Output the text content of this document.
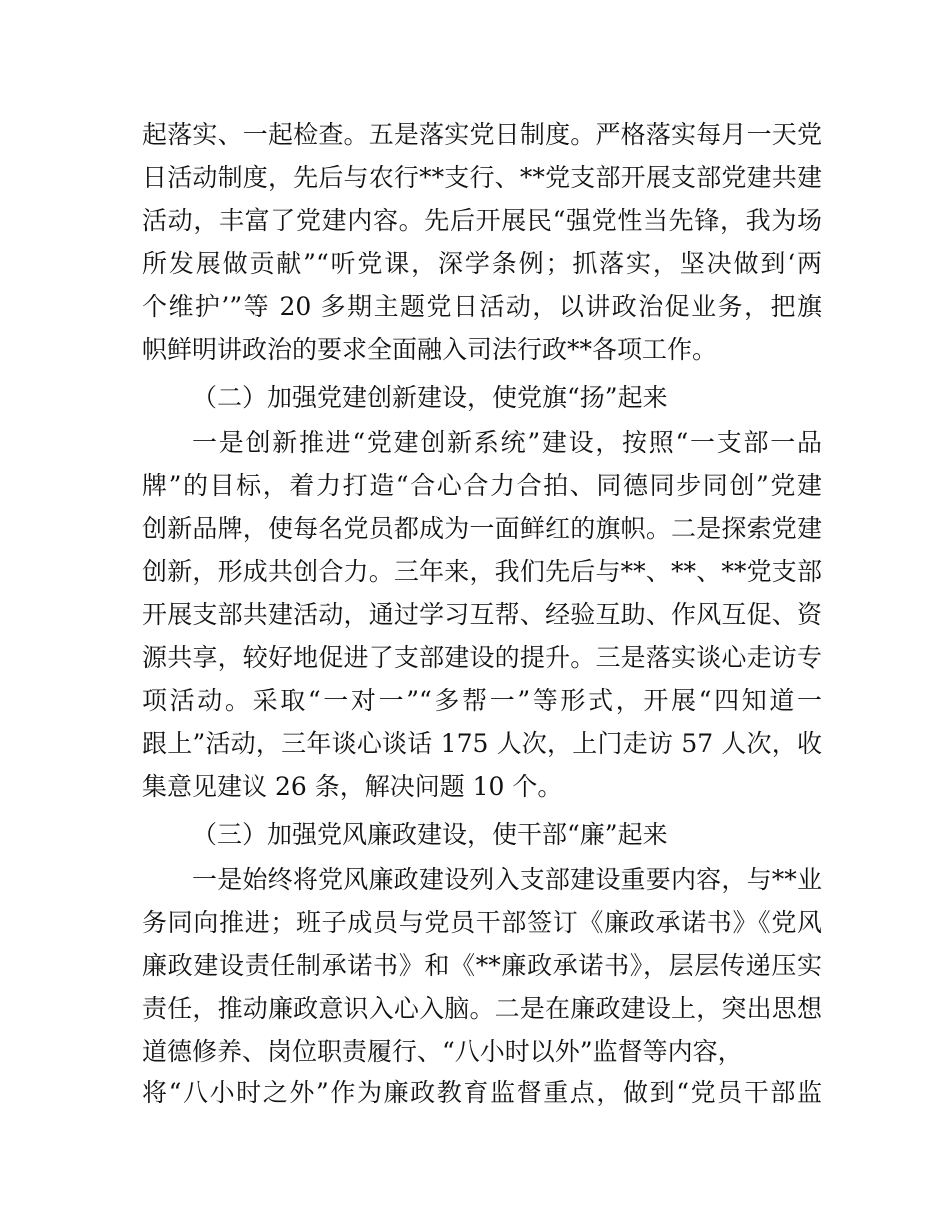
起落实、一起检查。五是落实党日制度。严格落实每月一天党
日活动制度，先后与农行**支行、**党支部开展支部党建共建
活动，丰富了党建内容。先后开展民“强党性当先锋，我为场
所发展做贡献”“听党课，深学条例；抓落实，坚决做到‘两
个维护’”等 20 多期主题党日活动，以讲政治促业务，把旗
帜鲜明讲政治的要求全面融入司法行政**各项工作。
（二）加强党建创新建设，使党旗“扬”起来
一是创新推进“党建创新系统”建设，按照“一支部一品
牌”的目标，着力打造“合心合力合拍、同德同步同创”党建
创新品牌，使每名党员都成为一面鲜红的旗帜。二是探索党建
创新，形成共创合力。三年来，我们先后与**、**、**党支部
开展支部共建活动，通过学习互帮、经验互助、作风互促、资
源共享，较好地促进了支部建设的提升。三是落实谈心走访专
项活动。采取“一对一”“多帮一”等形式，开展“四知道一
跟上”活动，三年谈心谈话 175 人次，上门走访 57 人次，收
集意见建议 26 条，解决问题 10 个。
（三）加强党风廉政建设，使干部“廉”起来
一是始终将党风廉政建设列入支部建设重要内容，与**业
务同向推进；班子成员与党员干部签订《廉政承诺书》《党风
廉政建设责任制承诺书》和《**廉政承诺书》，层层传递压实
责任，推动廉政意识入心入脑。二是在廉政建设上，突出思想
道德修养、岗位职责履行、“八小时以外”监督等内容，
将“八小时之外”作为廉政教育监督重点，做到“党员干部监
